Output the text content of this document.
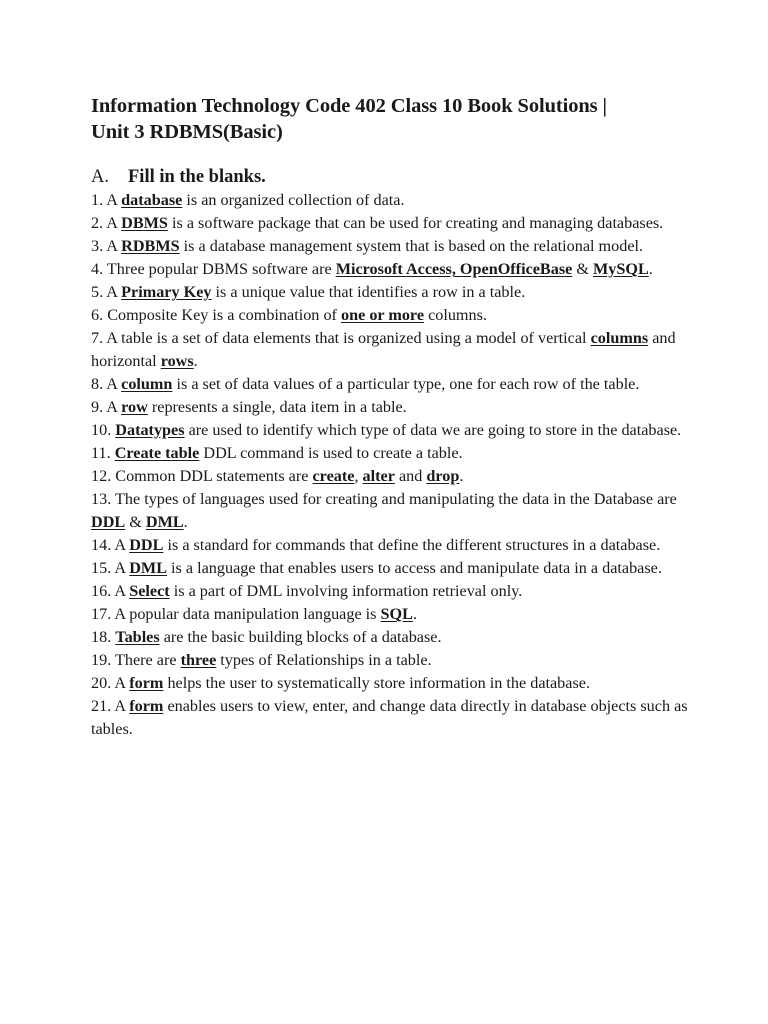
Information Technology Code 402 Class 10 Book Solutions |
Unit 3 RDBMS(Basic)
A.	Fill in the blanks.
1. A database is an organized collection of data.
2. A DBMS is a software package that can be used for creating and managing databases.
3. A RDBMS is a database management system that is based on the relational model.
4. Three popular DBMS software are Microsoft Access, OpenOfficeBase & MySQL.
5. A Primary Key is a unique value that identifies a row in a table.
6. Composite Key is a combination of one or more columns.
7. A table is a set of data elements that is organized using a model of vertical columns and horizontal rows.
8. A column is a set of data values of a particular type, one for each row of the table.
9. A row represents a single, data item in a table.
10. Datatypes are used to identify which type of data we are going to store in the database.
11. Create table DDL command is used to create a table.
12. Common DDL statements are create, alter and drop.
13. The types of languages used for creating and manipulating the data in the Database are DDL & DML.
14. A DDL is a standard for commands that define the different structures in a database.
15. A DML is a language that enables users to access and manipulate data in a database.
16. A Select is a part of DML involving information retrieval only.
17. A popular data manipulation language is SQL.
18. Tables are the basic building blocks of a database.
19. There are three types of Relationships in a table.
20. A form helps the user to systematically store information in the database.
21. A form enables users to view, enter, and change data directly in database objects such as tables.
